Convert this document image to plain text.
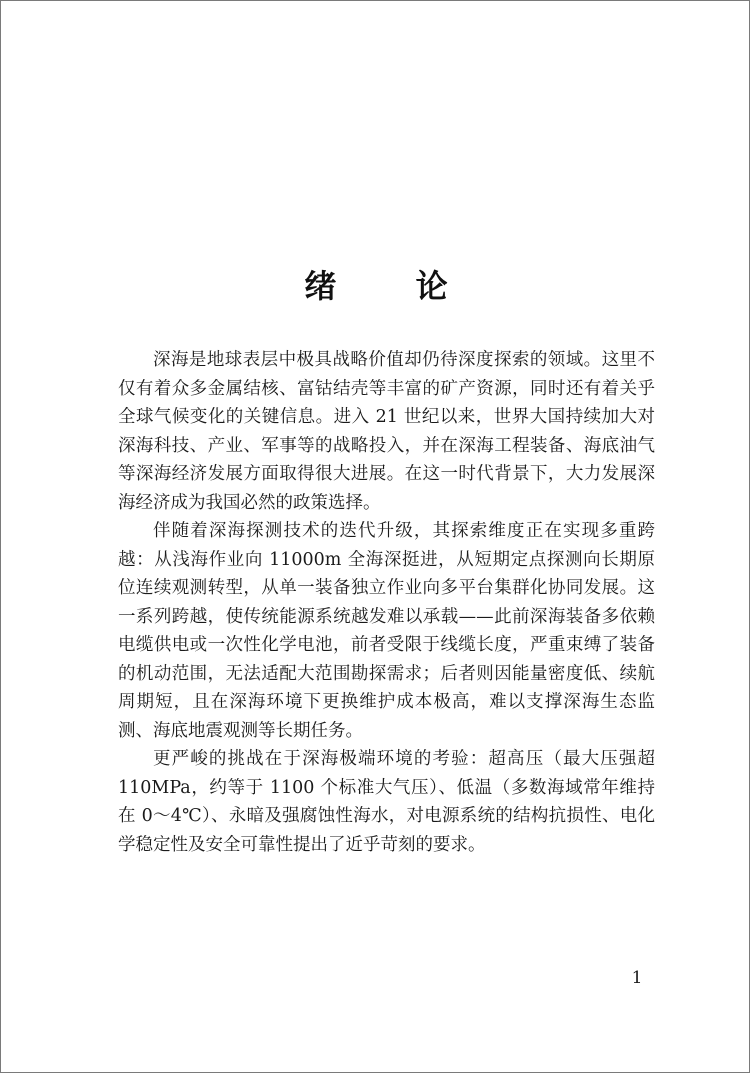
绪 论

深海是地球表层中极具战略价值却仍待深度探索的领域。这里不仅有着众多金属结核、富钴结壳等丰富的矿产资源，同时还有着关乎全球气候变化的关键信息。进入 21 世纪以来，世界大国持续加大对深海科技、产业、军事等的战略投入，并在深海工程装备、海底油气等深海经济发展方面取得很大进展。在这一时代背景下，大力发展深海经济成为我国必然的政策选择。

伴随着深海探测技术的迭代升级，其探索维度正在实现多重跨越：从浅海作业向 11000m 全海深挺进，从短期定点探测向长期原位连续观测转型，从单一装备独立作业向多平台集群化协同发展。这一系列跨越，使传统能源系统越发难以承载——此前深海装备多依赖电缆供电或一次性化学电池，前者受限于线缆长度，严重束缚了装备的机动范围，无法适配大范围勘探需求；后者则因能量密度低、续航周期短，且在深海环境下更换维护成本极高，难以支撑深海生态监测、海底地震观测等长期任务。

更严峻的挑战在于深海极端环境的考验：超高压（最大压强超 110MPa，约等于 1100 个标准大气压）、低温（多数海域常年维持在 0～4℃）、永暗及强腐蚀性海水，对电源系统的结构抗损性、电化学稳定性及安全可靠性提出了近乎苛刻的要求。

1
